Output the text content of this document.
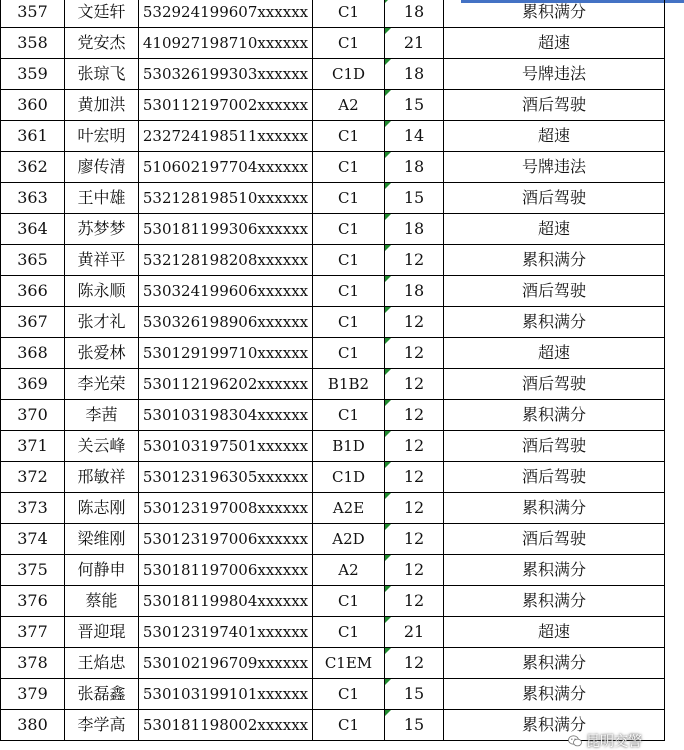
357	文廷轩	532924199607xxxxxx	C1	18	累积满分
358	党安杰	410927198710xxxxxx	C1	21	超速
359	张琼飞	530326199303xxxxxx	C1D	18	号牌违法
360	黄加洪	530112197002xxxxxx	A2	15	酒后驾驶
361	叶宏明	232724198511xxxxxx	C1	14	超速
362	廖传清	510602197704xxxxxx	C1	18	号牌违法
363	王中雄	532128198510xxxxxx	C1	15	酒后驾驶
364	苏梦梦	530181199306xxxxxx	C1	18	超速
365	黄祥平	532128198208xxxxxx	C1	12	累积满分
366	陈永顺	530324199606xxxxxx	C1	18	酒后驾驶
367	张才礼	530326198906xxxxxx	C1	12	累积满分
368	张爱林	530129199710xxxxxx	C1	12	超速
369	李光荣	530112196202xxxxxx	B1B2	12	酒后驾驶
370	李茜	530103198304xxxxxx	C1	12	累积满分
371	关云峰	530103197501xxxxxx	B1D	12	酒后驾驶
372	邢敏祥	530123196305xxxxxx	C1D	12	酒后驾驶
373	陈志刚	530123197008xxxxxx	A2E	12	累积满分
374	梁维刚	530123197006xxxxxx	A2D	12	酒后驾驶
375	何静申	530181197006xxxxxx	A2	12	累积满分
376	蔡能	530181199804xxxxxx	C1	12	累积满分
377	晋迎琨	530123197401xxxxxx	C1	21	超速
378	王焰忠	530102196709xxxxxx	C1EM	12	累积满分
379	张磊鑫	530103199101xxxxxx	C1	15	累积满分
380	李学高	530181198002xxxxxx	C1	15	累积满分
昆明交警
